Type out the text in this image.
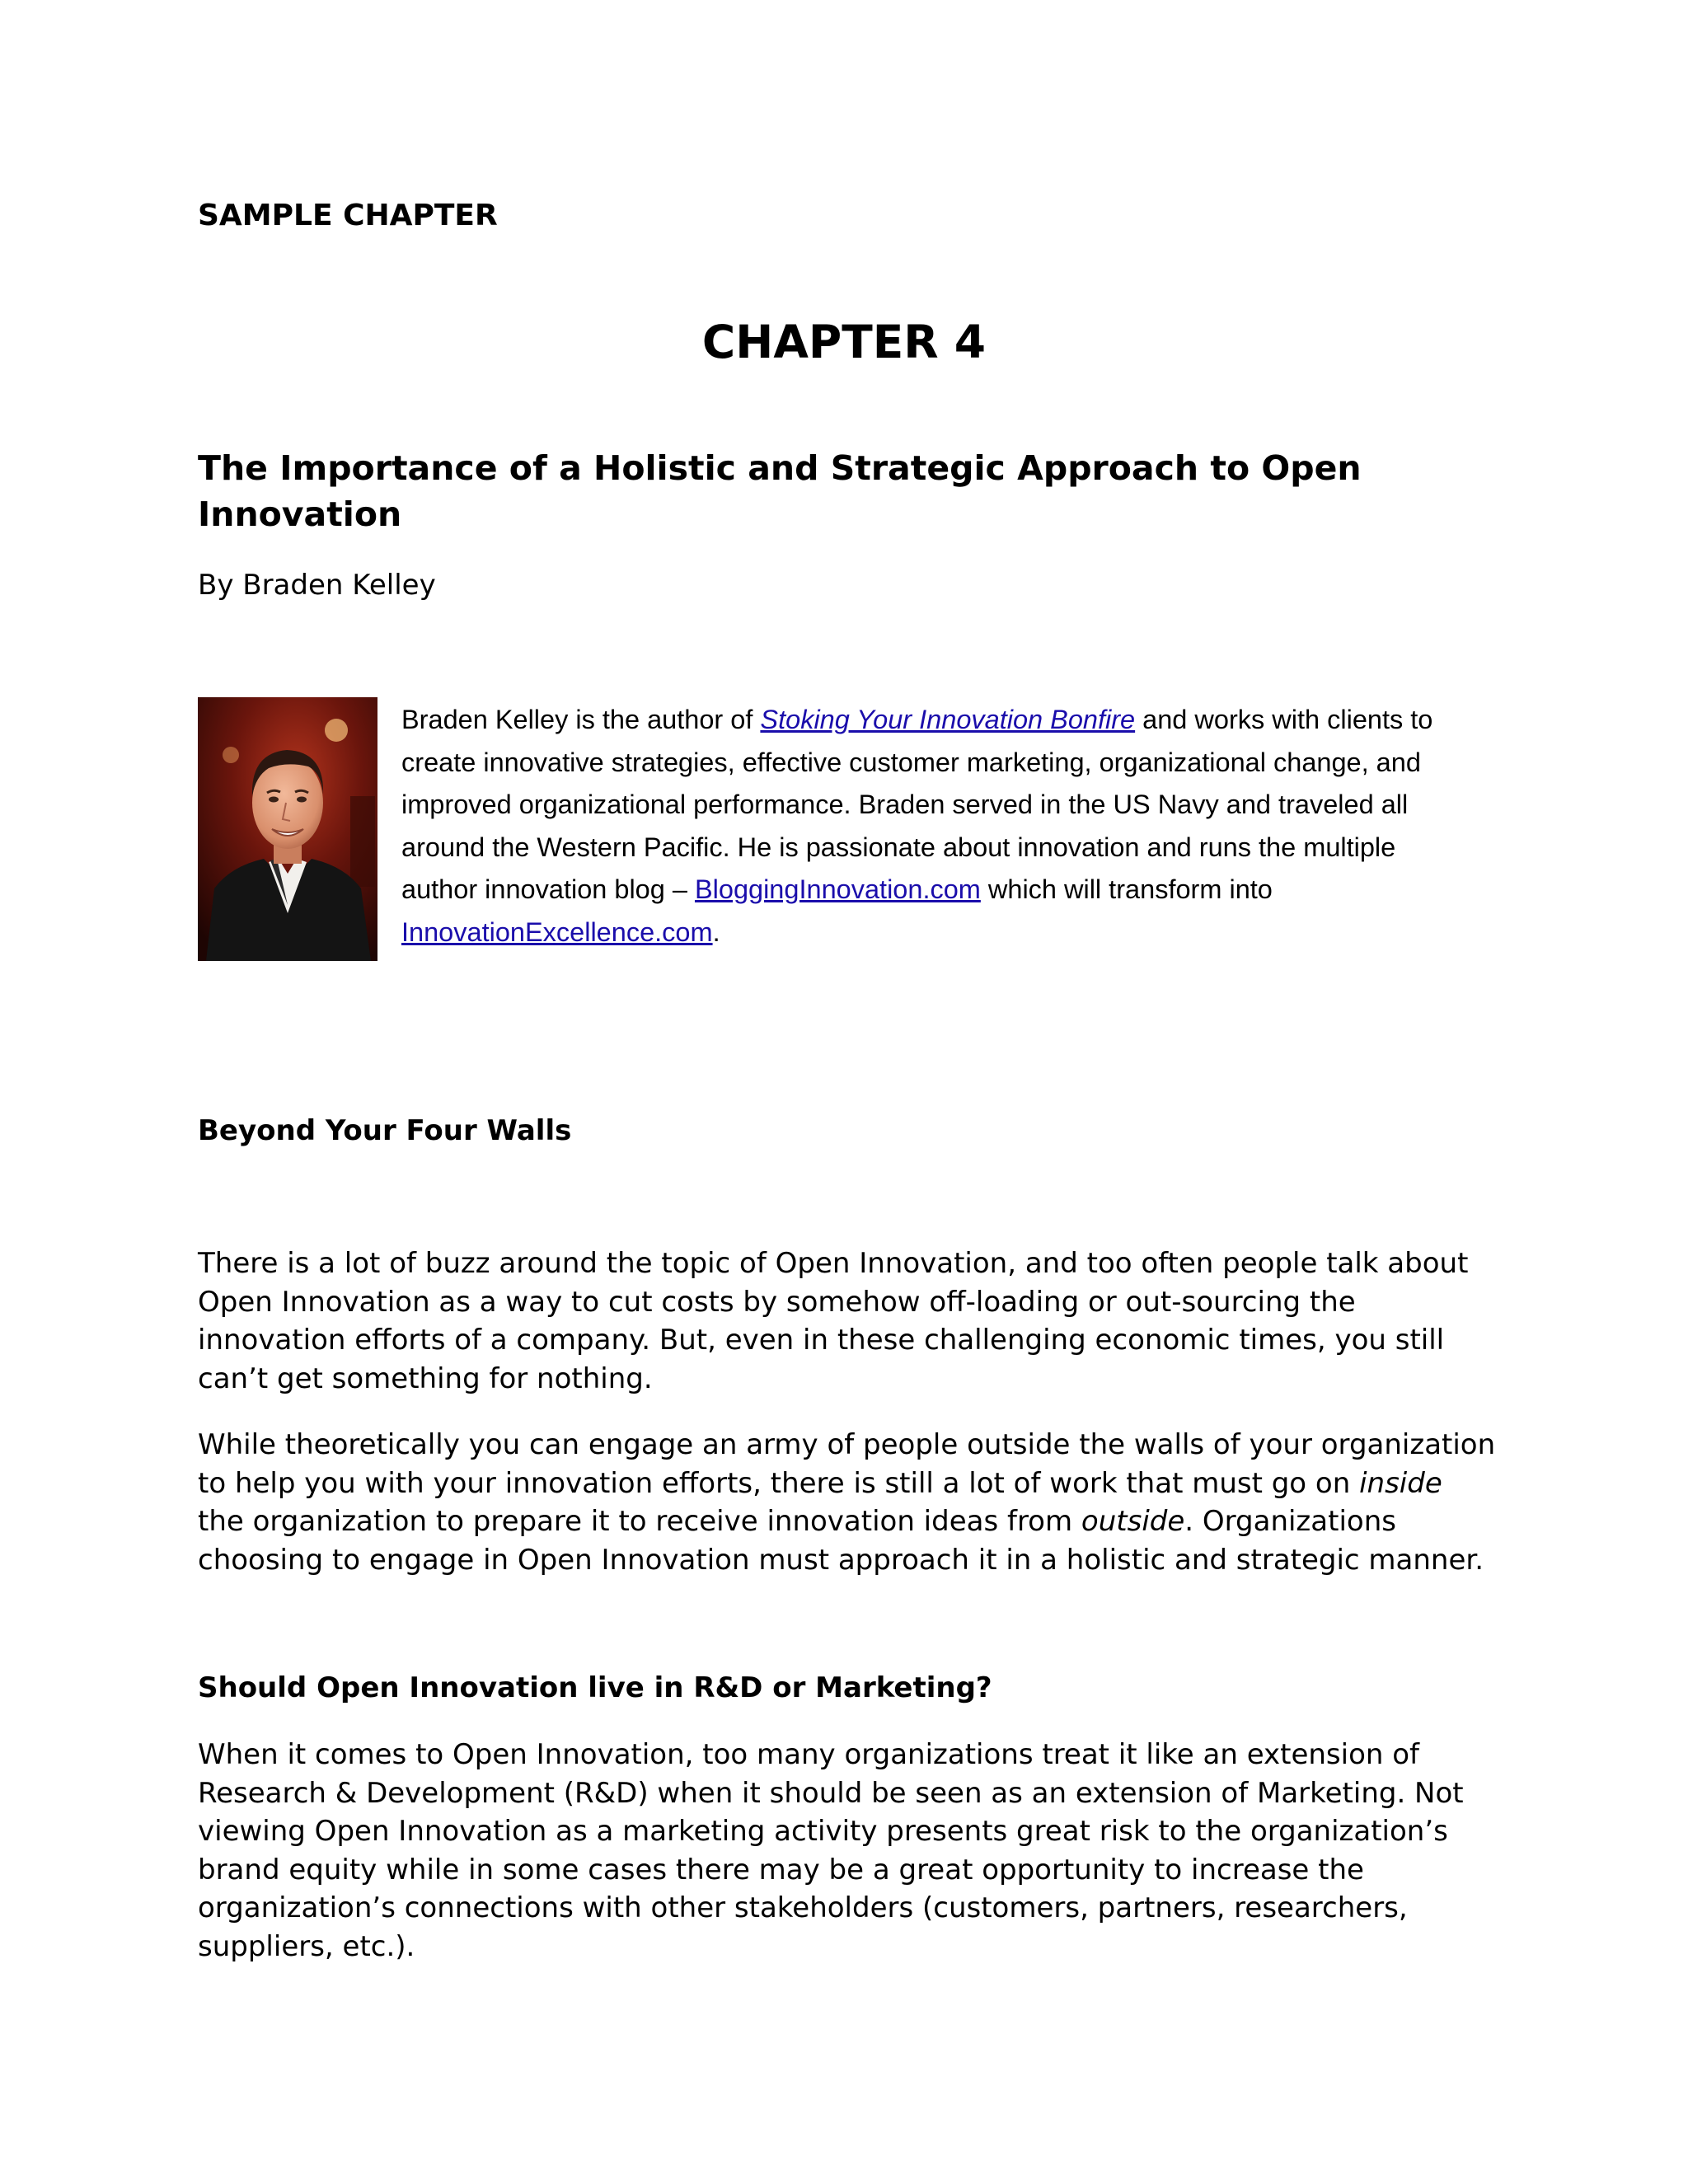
SAMPLE CHAPTER
CHAPTER 4
The Importance of a Holistic and Strategic Approach to Open Innovation
By Braden Kelley
Braden Kelley is the author of Stoking Your Innovation Bonfire and works with clients to
create innovative strategies, effective customer marketing, organizational change, and
improved organizational performance. Braden served in the US Navy and traveled all
around the Western Pacific. He is passionate about innovation and runs the multiple
author innovation blog – BloggingInnovation.com which will transform into
InnovationExcellence.com.
Beyond Your Four Walls
There is a lot of buzz around the topic of Open Innovation, and too often people talk about
Open Innovation as a way to cut costs by somehow off-loading or out-sourcing the
innovation efforts of a company. But, even in these challenging economic times, you still
can’t get something for nothing.
While theoretically you can engage an army of people outside the walls of your organization
to help you with your innovation efforts, there is still a lot of work that must go on inside
the organization to prepare it to receive innovation ideas from outside. Organizations
choosing to engage in Open Innovation must approach it in a holistic and strategic manner.
Should Open Innovation live in R&D or Marketing?
When it comes to Open Innovation, too many organizations treat it like an extension of
Research & Development (R&D) when it should be seen as an extension of Marketing. Not
viewing Open Innovation as a marketing activity presents great risk to the organization’s
brand equity while in some cases there may be a great opportunity to increase the
organization’s connections with other stakeholders (customers, partners, researchers,
suppliers, etc.).
